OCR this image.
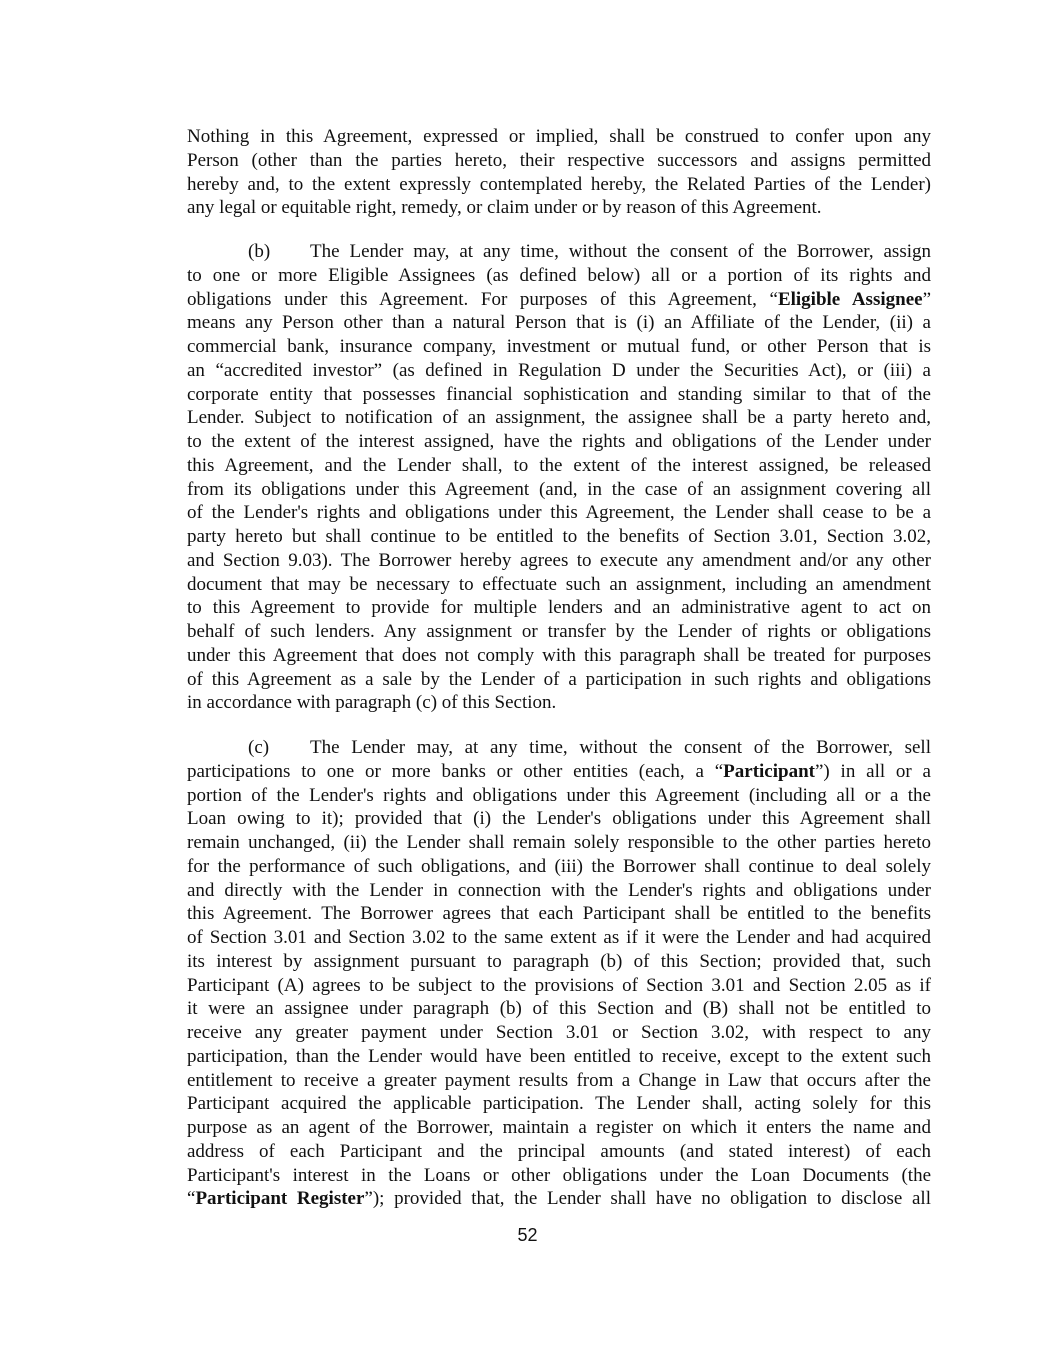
Nothing in this Agreement, expressed or implied, shall be construed to confer upon any
Person (other than the parties hereto, their respective successors and assigns permitted
hereby and, to the extent expressly contemplated hereby, the Related Parties of the Lender)
any legal or equitable right, remedy, or claim under or by reason of this Agreement.
(b) The Lender may, at any time, without the consent of the Borrower, assign
to one or more Eligible Assignees (as defined below) all or a portion of its rights and
obligations under this Agreement. For purposes of this Agreement, “Eligible Assignee”
means any Person other than a natural Person that is (i) an Affiliate of the Lender, (ii) a
commercial bank, insurance company, investment or mutual fund, or other Person that is
an “accredited investor” (as defined in Regulation D under the Securities Act), or (iii) a
corporate entity that possesses financial sophistication and standing similar to that of the
Lender. Subject to notification of an assignment, the assignee shall be a party hereto and,
to the extent of the interest assigned, have the rights and obligations of the Lender under
this Agreement, and the Lender shall, to the extent of the interest assigned, be released
from its obligations under this Agreement (and, in the case of an assignment covering all
of the Lender's rights and obligations under this Agreement, the Lender shall cease to be a
party hereto but shall continue to be entitled to the benefits of Section 3.01, Section 3.02,
and Section 9.03). The Borrower hereby agrees to execute any amendment and/or any other
document that may be necessary to effectuate such an assignment, including an amendment
to this Agreement to provide for multiple lenders and an administrative agent to act on
behalf of such lenders. Any assignment or transfer by the Lender of rights or obligations
under this Agreement that does not comply with this paragraph shall be treated for purposes
of this Agreement as a sale by the Lender of a participation in such rights and obligations
in accordance with paragraph (c) of this Section.
(c) The Lender may, at any time, without the consent of the Borrower, sell
participations to one or more banks or other entities (each, a “Participant”) in all or a
portion of the Lender's rights and obligations under this Agreement (including all or a the
Loan owing to it); provided that (i) the Lender's obligations under this Agreement shall
remain unchanged, (ii) the Lender shall remain solely responsible to the other parties hereto
for the performance of such obligations, and (iii) the Borrower shall continue to deal solely
and directly with the Lender in connection with the Lender's rights and obligations under
this Agreement. The Borrower agrees that each Participant shall be entitled to the benefits
of Section 3.01 and Section 3.02 to the same extent as if it were the Lender and had acquired
its interest by assignment pursuant to paragraph (b) of this Section; provided that, such
Participant (A) agrees to be subject to the provisions of Section 3.01 and Section 2.05 as if
it were an assignee under paragraph (b) of this Section and (B) shall not be entitled to
receive any greater payment under Section 3.01 or Section 3.02, with respect to any
participation, than the Lender would have been entitled to receive, except to the extent such
entitlement to receive a greater payment results from a Change in Law that occurs after the
Participant acquired the applicable participation. The Lender shall, acting solely for this
purpose as an agent of the Borrower, maintain a register on which it enters the name and
address of each Participant and the principal amounts (and stated interest) of each
Participant's interest in the Loans or other obligations under the Loan Documents (the
“Participant Register”); provided that, the Lender shall have no obligation to disclose all
52
